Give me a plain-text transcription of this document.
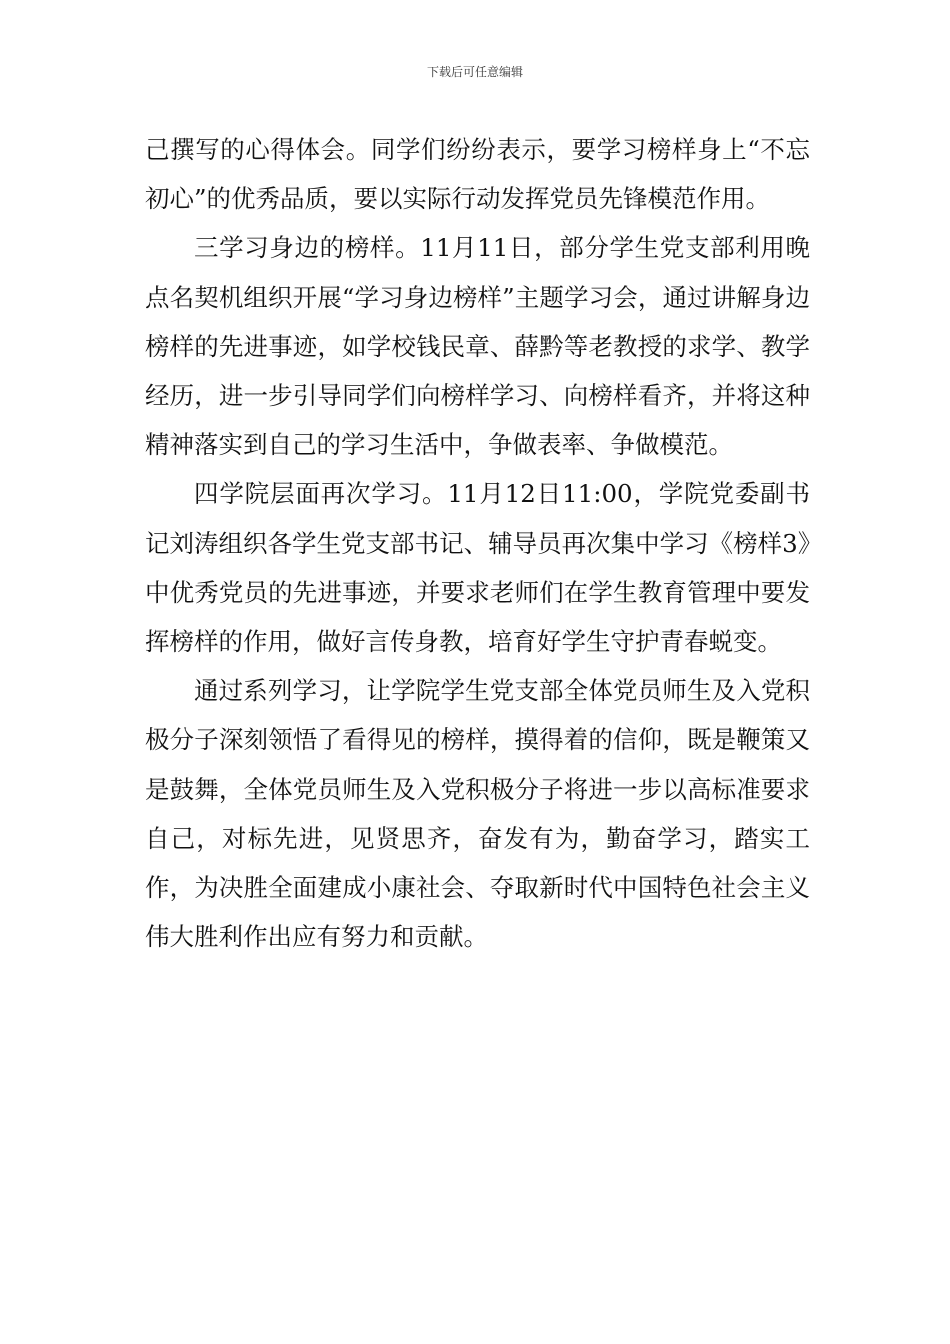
下载后可任意编辑

己撰写的心得体会。同学们纷纷表示，要学习榜样身上“不忘初心”的优秀品质，要以实际行动发挥党员先锋模范作用。

三学习身边的榜样。11月11日，部分学生党支部利用晚点名契机组织开展“学习身边榜样”主题学习会，通过讲解身边榜样的先进事迹，如学校钱民章、薛黔等老教授的求学、教学经历，进一步引导同学们向榜样学习、向榜样看齐，并将这种精神落实到自己的学习生活中，争做表率、争做模范。

四学院层面再次学习。11月12日11:00，学院党委副书记刘涛组织各学生党支部书记、辅导员再次集中学习《榜样3》中优秀党员的先进事迹，并要求老师们在学生教育管理中要发挥榜样的作用，做好言传身教，培育好学生守护青春蜕变。

通过系列学习，让学院学生党支部全体党员师生及入党积极分子深刻领悟了看得见的榜样，摸得着的信仰，既是鞭策又是鼓舞，全体党员师生及入党积极分子将进一步以高标准要求自己，对标先进，见贤思齐，奋发有为，勤奋学习，踏实工作，为决胜全面建成小康社会、夺取新时代中国特色社会主义伟大胜利作出应有努力和贡献。
